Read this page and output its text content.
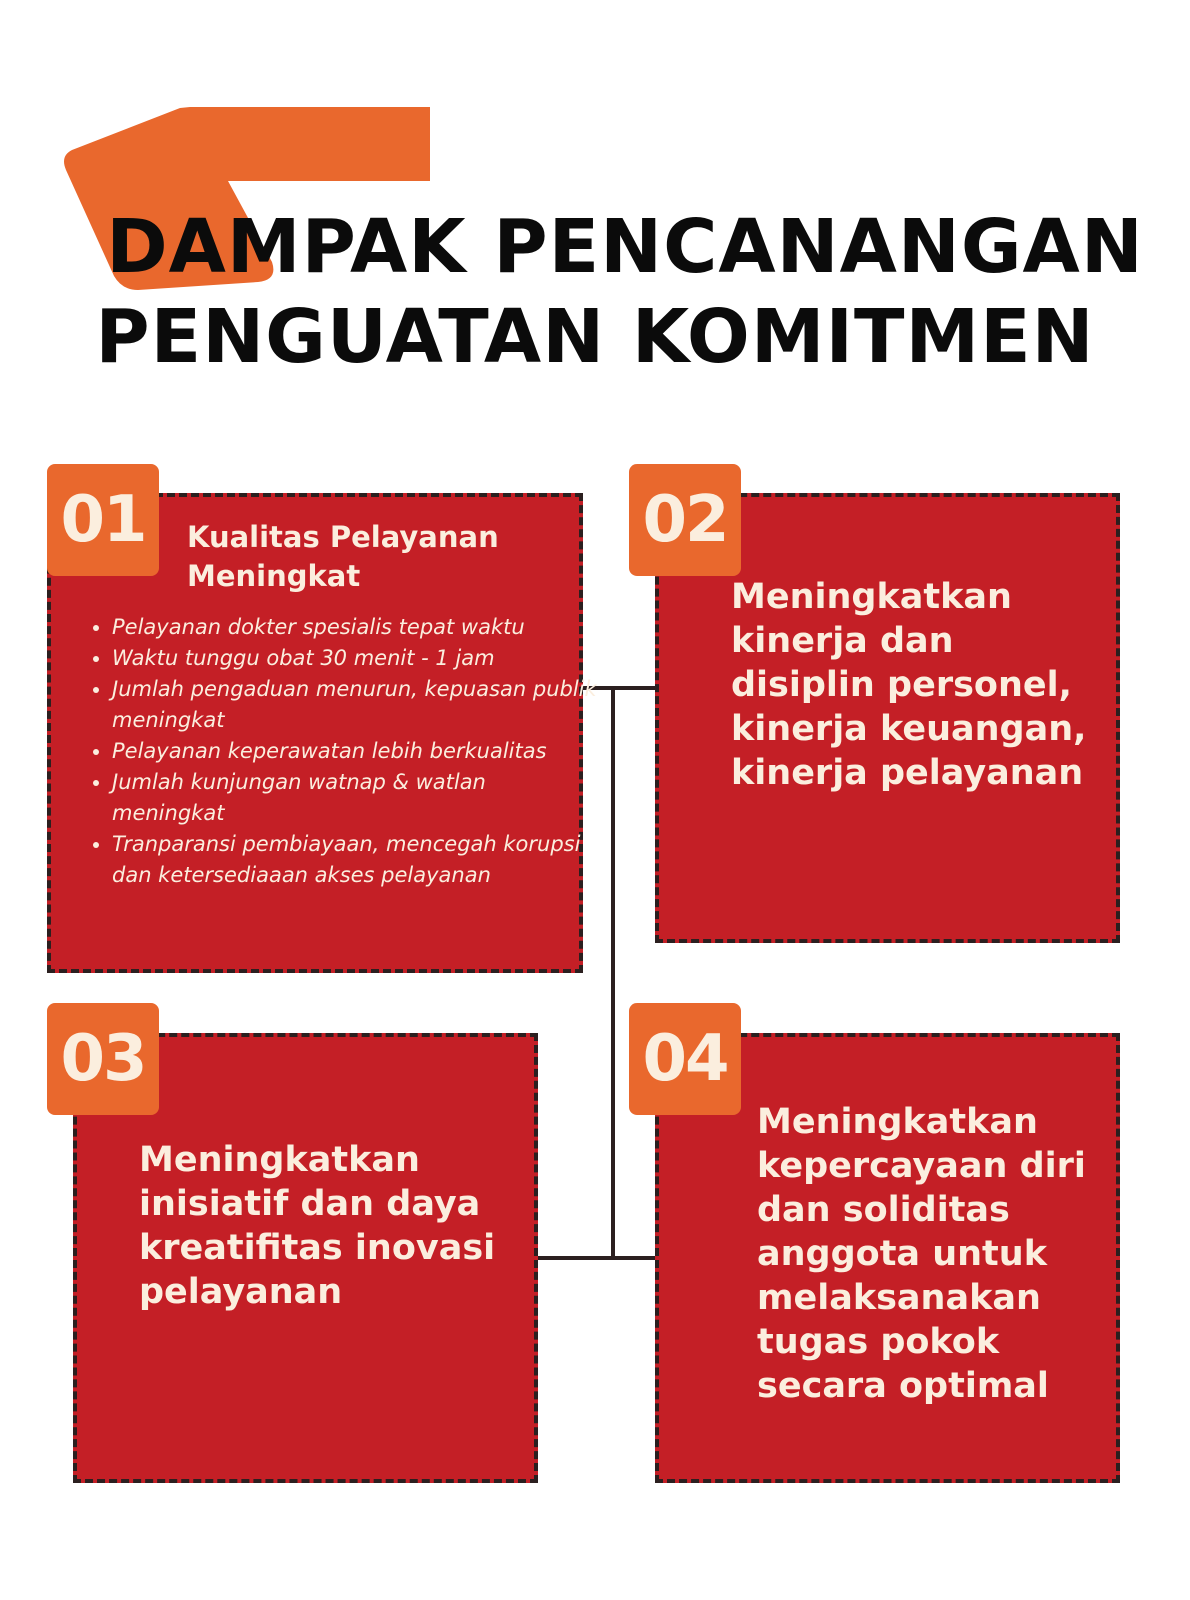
DAMPAK PENCANANGAN
PENGUATAN KOMITMEN
01	Kualitas Pelayanan Meningkat
• Pelayanan dokter spesialis tepat waktu
• Waktu tunggu obat 30 menit - 1 jam
• Jumlah pengaduan menurun, kepuasan publik meningkat
• Pelayanan keperawatan lebih berkualitas
• Jumlah kunjungan watnap & watlan meningkat
• Tranparansi pembiayaan, mencegah korupsi dan ketersediaaan akses pelayanan
02
Meningkatkan kinerja dan disiplin personel, kinerja keuangan, kinerja pelayanan
03
Meningkatkan inisiatif dan daya kreatifitas inovasi pelayanan
04
Meningkatkan kepercayaan diri dan soliditas anggota untuk melaksanakan tugas pokok secara optimal
